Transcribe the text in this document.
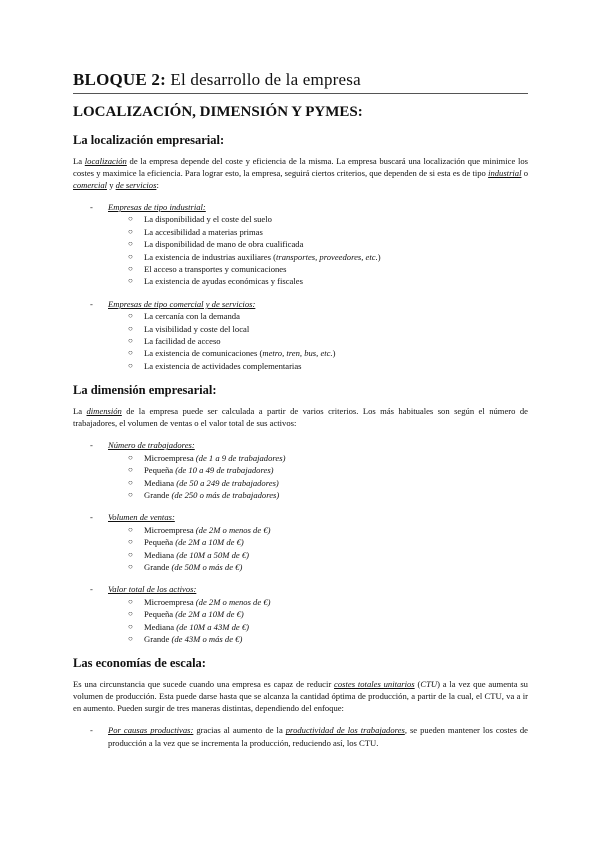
BLOQUE 2: El desarrollo de la empresa
LOCALIZACIÓN, DIMENSIÓN Y PYMES:
La localización empresarial:
La localización de la empresa depende del coste y eficiencia de la misma. La empresa buscará una localización que minimice los costes y maximice la eficiencia. Para lograr esto, la empresa, seguirá ciertos criterios, que dependen de si esta es de tipo industrial o comercial y de servicios:
- Empresas de tipo industrial:
○ La disponibilidad y el coste del suelo
○ La accesibilidad a materias primas
○ La disponibilidad de mano de obra cualificada
○ La existencia de industrias auxiliares (transportes, proveedores, etc.)
○ El acceso a transportes y comunicaciones
○ La existencia de ayudas económicas y fiscales
- Empresas de tipo comercial y de servicios:
○ La cercanía con la demanda
○ La visibilidad y coste del local
○ La facilidad de acceso
○ La existencia de comunicaciones (metro, tren, bus, etc.)
○ La existencia de actividades complementarias
La dimensión empresarial:
La dimensión de la empresa puede ser calculada a partir de varios criterios. Los más habituales son según el número de trabajadores, el volumen de ventas o el valor total de sus activos:
- Número de trabajadores:
○ Microempresa (de 1 a 9 de trabajadores)
○ Pequeña (de 10 a 49 de trabajadores)
○ Mediana (de 50 a 249 de trabajadores)
○ Grande (de 250 o más de trabajadores)
- Volumen de ventas:
○ Microempresa (de 2M o menos de €)
○ Pequeña (de 2M a 10M de €)
○ Mediana (de 10M a 50M de €)
○ Grande (de 50M o más de €)
- Valor total de los activos:
○ Microempresa (de 2M o menos de €)
○ Pequeña (de 2M a 10M de €)
○ Mediana (de 10M a 43M de €)
○ Grande (de 43M o más de €)
Las economías de escala:
Es una circunstancia que sucede cuando una empresa es capaz de reducir costes totales unitarios (CTU) a la vez que aumenta su volumen de producción. Esta puede darse hasta que se alcanza la cantidad óptima de producción, a partir de la cual, el CTU, va a ir en aumento. Pueden surgir de tres maneras distintas, dependiendo del enfoque:
- Por causas productivas: gracias al aumento de la productividad de los trabajadores, se pueden mantener los costes de producción a la vez que se incrementa la producción, reduciendo así, los CTU.
